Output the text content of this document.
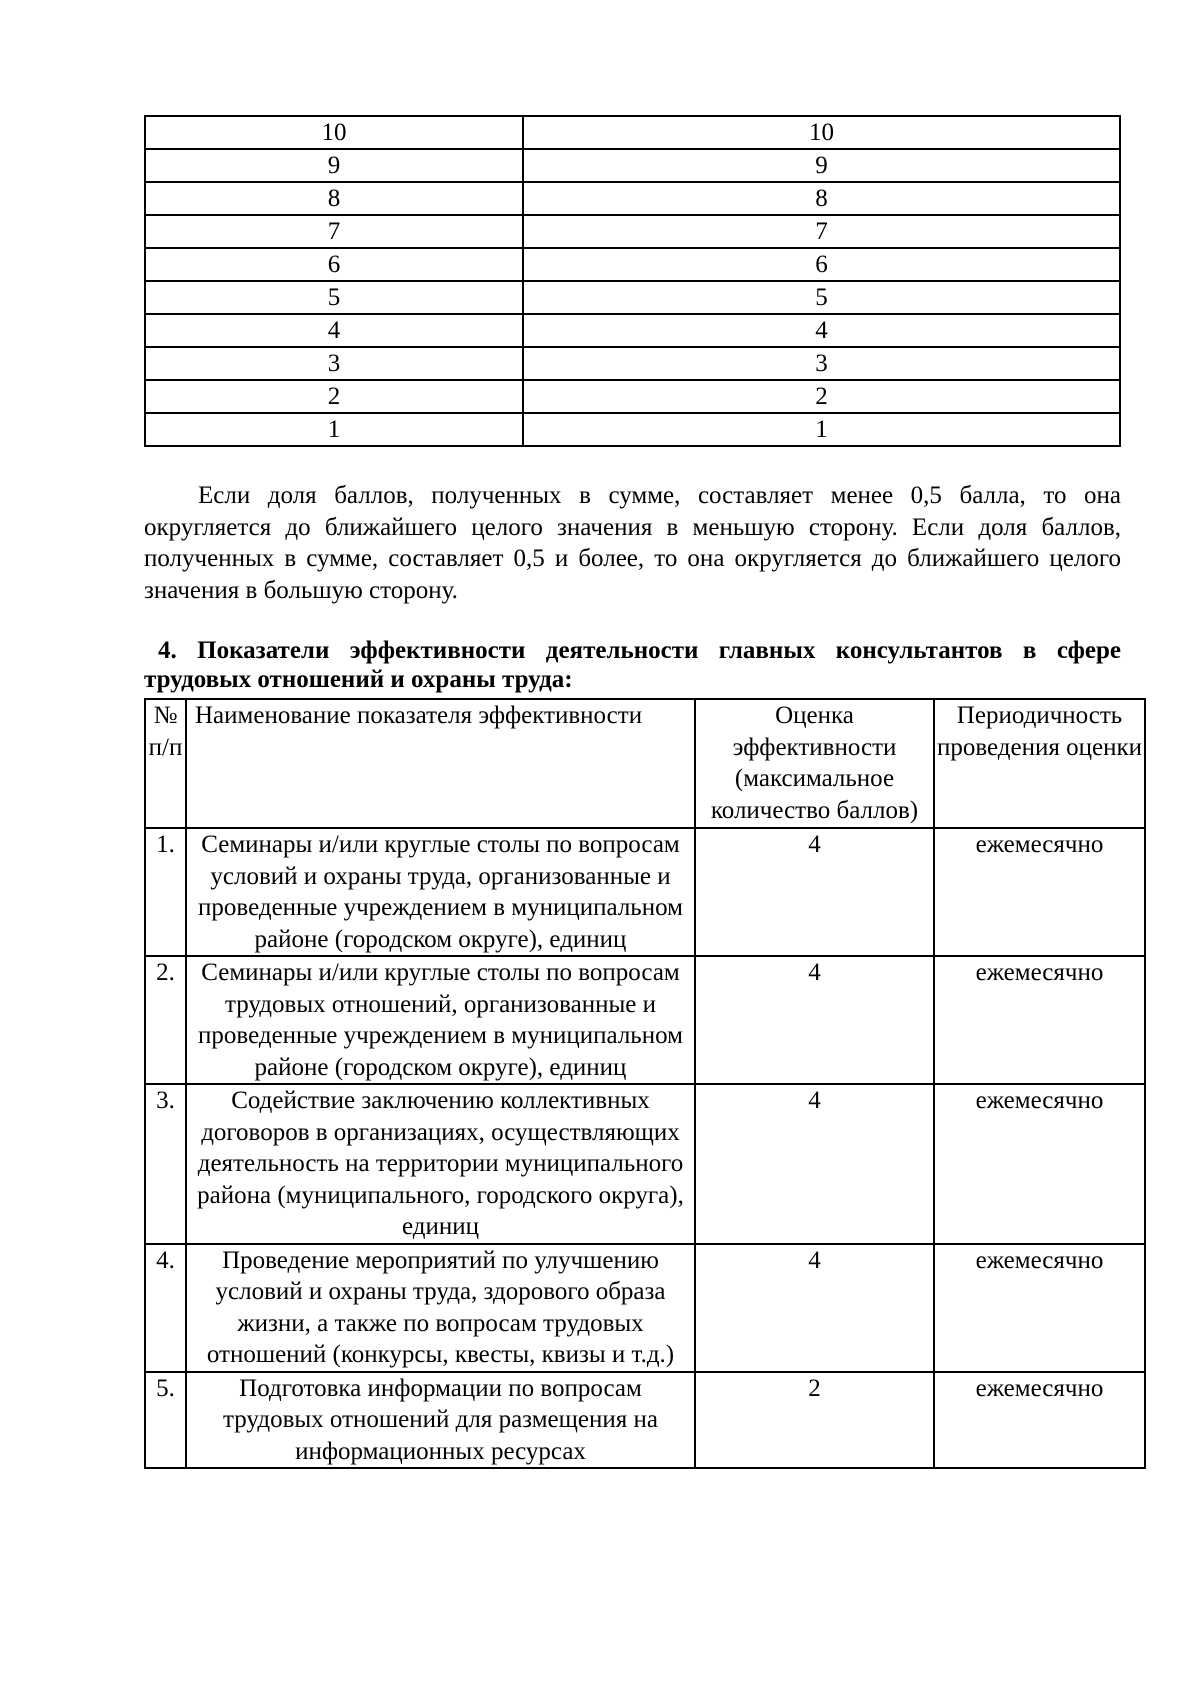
10	10
9	9
8	8
7	7
6	6
5	5
4	4
3	3
2	2
1	1

Если доля баллов, полученных в сумме, составляет менее 0,5 балла, то она округляется до ближайшего целого значения в меньшую сторону. Если доля баллов, полученных в сумме, составляет 0,5 и более, то она округляется до ближайшего целого значения в большую сторону.

4. Показатели эффективности деятельности главных консультантов в сфере трудовых отношений и охраны труда:

№ п/п	Наименование показателя эффективности	Оценка эффективности (максимальное количество баллов)	Периодичность проведения оценки
1.	Семинары и/или круглые столы по вопросам условий и охраны труда, организованные и проведенные учреждением в муниципальном районе (городском округе), единиц	4	ежемесячно
2.	Семинары и/или круглые столы по вопросам трудовых отношений, организованные и проведенные учреждением в муниципальном районе (городском округе), единиц	4	ежемесячно
3.	Содействие заключению коллективных договоров в организациях, осуществляющих деятельность на территории муниципального района (муниципального, городского округа), единиц	4	ежемесячно
4.	Проведение мероприятий по улучшению условий и охраны труда, здорового образа жизни, а также по вопросам трудовых отношений (конкурсы, квесты, квизы и т.д.)	4	ежемесячно
5.	Подготовка информации по вопросам трудовых отношений для размещения на информационных ресурсах	2	ежемесячно
